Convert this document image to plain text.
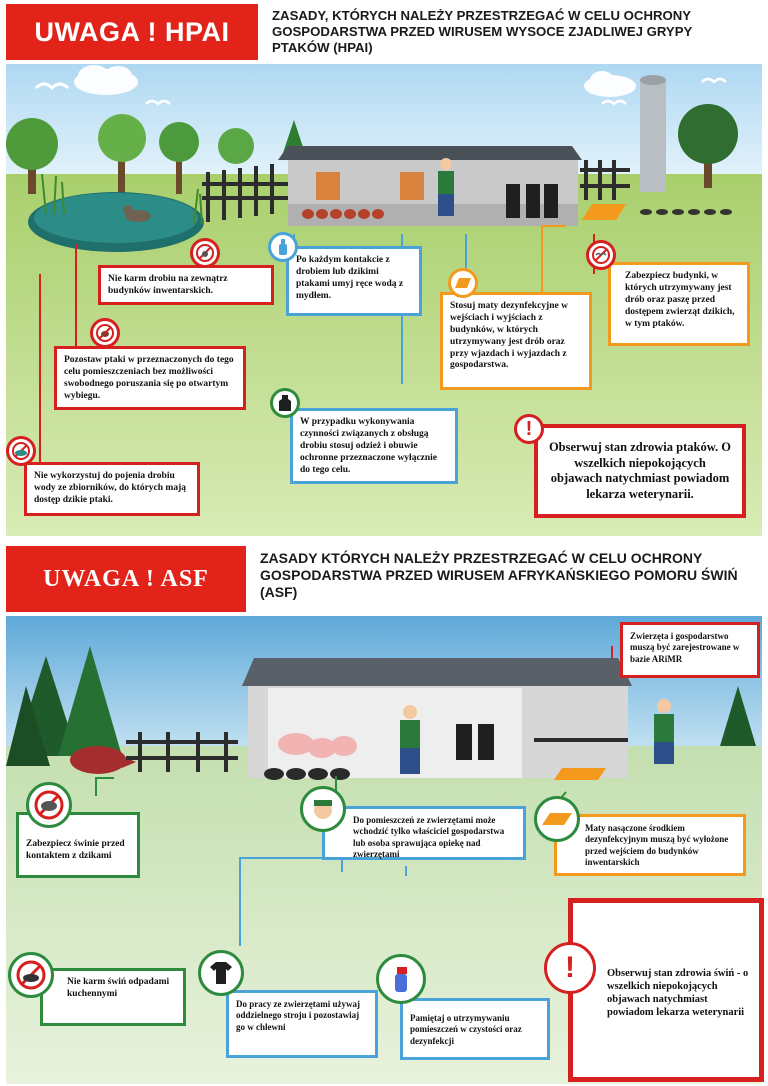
UWAGA ! HPAI
ZASADY, KTÓRYCH NALEŻY PRZESTRZEGAĆ W CELU OCHRONY GOSPODARSTWA PRZED WIRUSEM WYSOCE ZJADLIWEJ GRYPY PTAKÓW (HPAI)
Nie karm drobiu na zewnątrz budynków inwentarskich.
Po każdym kontakcie z drobiem lub dzikimi ptakami umyj ręce wodą z mydłem.
Stosuj maty dezynfekcyjne w wejściach i wyjściach z budynków, w których utrzymywany jest drób oraz przy wjazdach i wyjazdach z gospodarstwa.
Zabezpiecz budynki, w których utrzymywany jest drób oraz paszę przed dostępem zwierząt dzikich, w tym ptaków.
Pozostaw ptaki w przeznaczonych do tego celu pomieszczeniach bez możliwości swobodnego poruszania się po otwartym wybiegu.
W przypadku wykonywania czynności związanych z obsługą drobiu stosuj odzież i obuwie ochronne przeznaczone wyłącznie do tego celu.
Nie wykorzystuj do pojenia drobiu wody ze zbiorników, do których mają dostęp dzikie ptaki.
Obserwuj stan zdrowia ptaków. O wszelkich niepokojących objawach natychmiast powiadom lekarza weterynarii.
!
UWAGA ! ASF
ZASADY KTÓRYCH NALEŻY PRZESTRZEGAĆ W CELU OCHRONY GOSPODARSTWA PRZED WIRUSEM AFRYKAŃSKIEGO POMORU ŚWIŃ (ASF)
Zwierzęta i gospodarstwo muszą być zarejestrowane w bazie ARiMR
Zabezpiecz świnie przed kontaktem z dzikami
Do pomieszczeń ze zwierzętami może wchodzić tylko właściciel gospodarstwa lub osoba sprawująca opiekę nad zwierzętami
Maty nasączone środkiem dezynfekcyjnym muszą być wyłożone przed wejściem do budynków inwentarskich
Nie karm świń odpadami kuchennymi
Do pracy ze zwierzętami używaj oddzielnego stroju i pozostawiaj go w chlewni
Pamiętaj o utrzymywaniu pomieszczeń w czystości oraz dezynfekcji
Obserwuj stan zdrowia świń - o wszelkich niepokojących objawach natychmiast powiadom lekarza weterynarii
!
